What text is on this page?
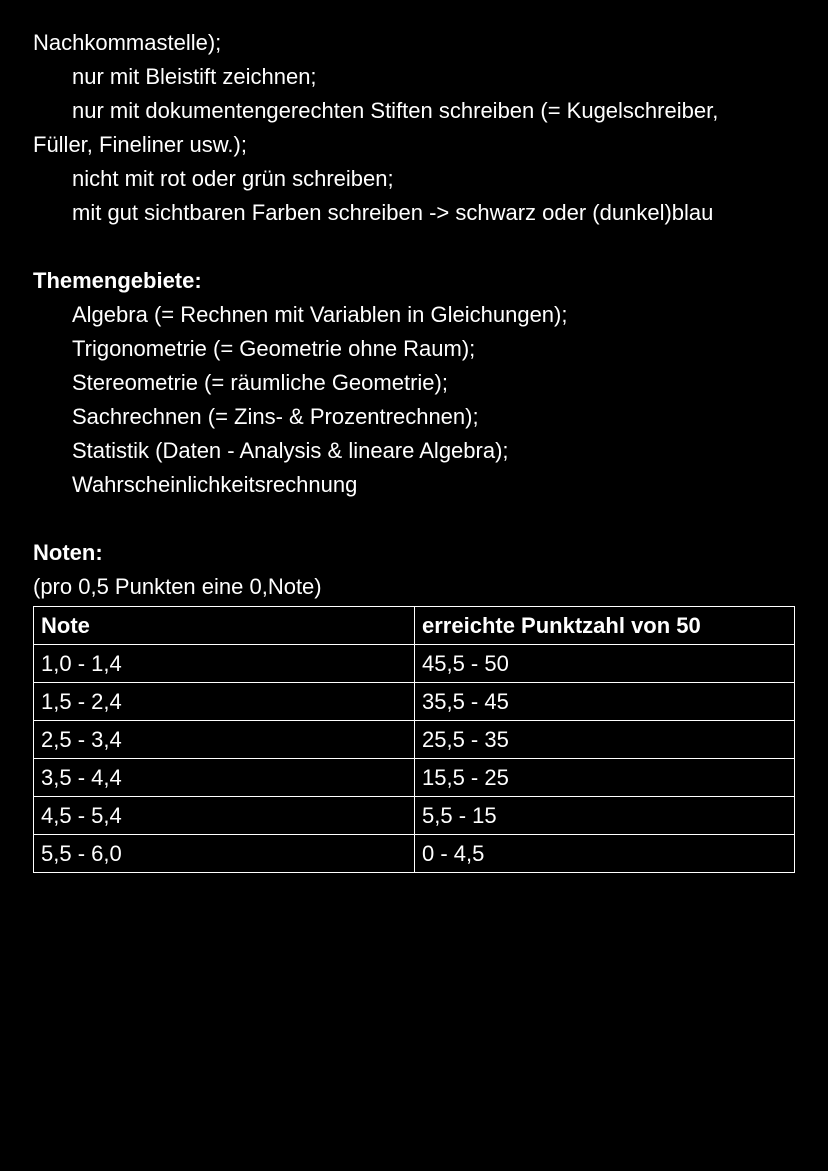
Nachkommastelle);
nur mit Bleistift zeichnen;
nur mit dokumentengerechten Stiften schreiben (= Kugelschreiber,
Füller, Fineliner usw.);
nicht mit rot oder grün schreiben;
mit gut sichtbaren Farben schreiben -> schwarz oder (dunkel)blau
Themengebiete:
Algebra (= Rechnen mit Variablen in Gleichungen);
Trigonometrie (= Geometrie ohne Raum);
Stereometrie (= räumliche Geometrie);
Sachrechnen (= Zins- & Prozentrechnen);
Statistik (Daten - Analysis & lineare Algebra);
Wahrscheinlichkeitsrechnung
Noten:
(pro 0,5 Punkten eine 0,Note)
Note	erreichte Punktzahl von 50
1,0 - 1,4	45,5 - 50
1,5 - 2,4	35,5 - 45
2,5 - 3,4	25,5 - 35
3,5 - 4,4	15,5 - 25
4,5 - 5,4	5,5 - 15
5,5 - 6,0	0 - 4,5
